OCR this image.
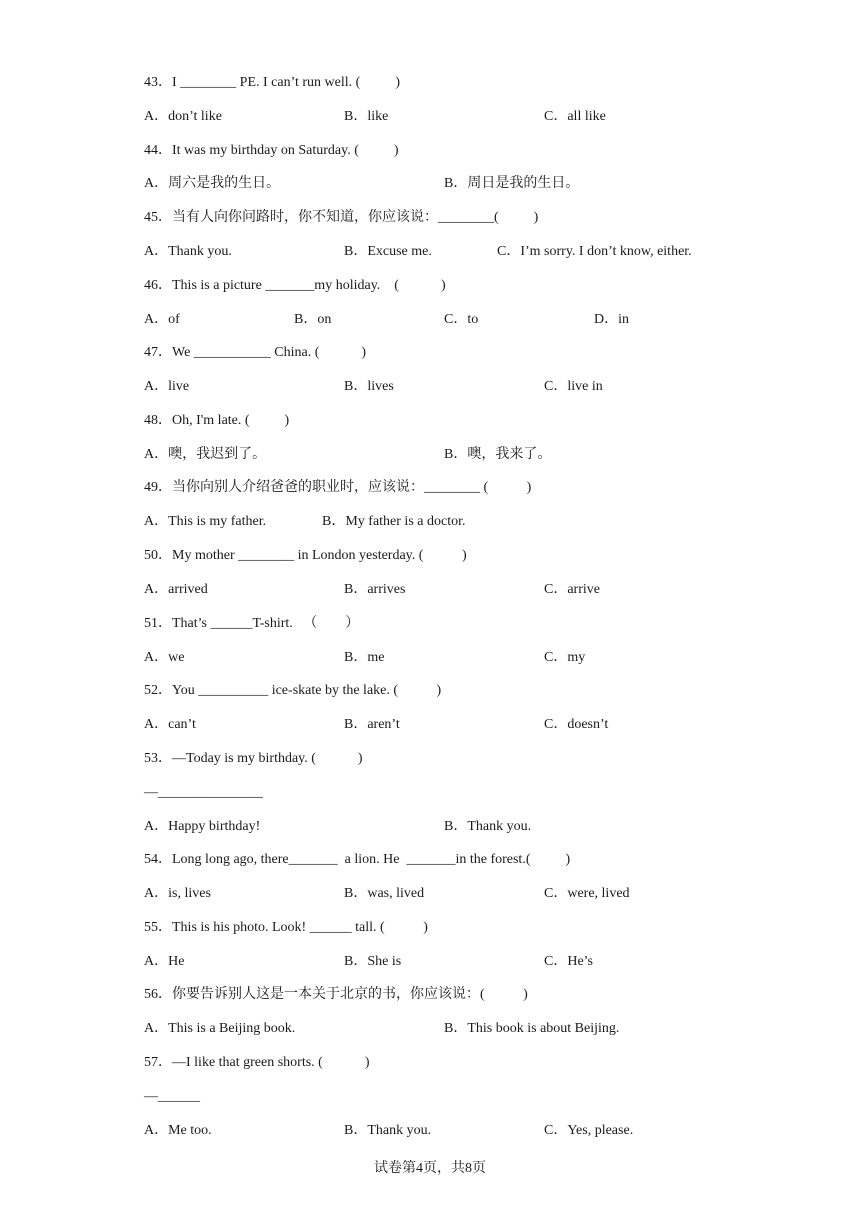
43．I ________ PE. I can’t run well. (          )
A．don’t like	B．like	C．all like
44．It was my birthday on Saturday. (          )
A．周六是我的生日。	B．周日是我的生日。
45．当有人向你问路时，你不知道，你应该说：________(          )
A．Thank you.	B．Excuse me.	C．I’m sorry. I don’t know, either.
46．This is a picture _______my holiday.    (            )
A．of	B．on	C．to	D．in
47．We ___________ China. (            )
A．live	B．lives	C．live in
48．Oh, I'm late. (          )
A．噢，我迟到了。	B．噢，我来了。
49．当你向别人介绍爸爸的职业时，应该说：________ (           )
A．This is my father.	B．My father is a doctor.
50．My mother ________ in London yesterday. (           )
A．arrived	B．arrives	C．arrive
51．That’s ______T-shirt.   （        ）
A．we	B．me	C．my
52．You __________ ice-skate by the lake. (           )
A．can’t	B．aren’t	C．doesn’t
53．—Today is my birthday. (            )
—_______________
A．Happy birthday!	B．Thank you.
54．Long long ago, there_______  a lion. He  _______in the forest.(          )
A．is, lives	B．was, lived	C．were, lived
55．This is his photo. Look! ______ tall. (           )
A．He	B．She is	C．He’s
56．你要告诉别人这是一本关于北京的书，你应该说：(           )
A．This is a Beijing book.	B．This book is about Beijing.
57．—I like that green shorts. (            )
—______
A．Me too.	B．Thank you.	C．Yes, please.
试卷第4页，共8页
